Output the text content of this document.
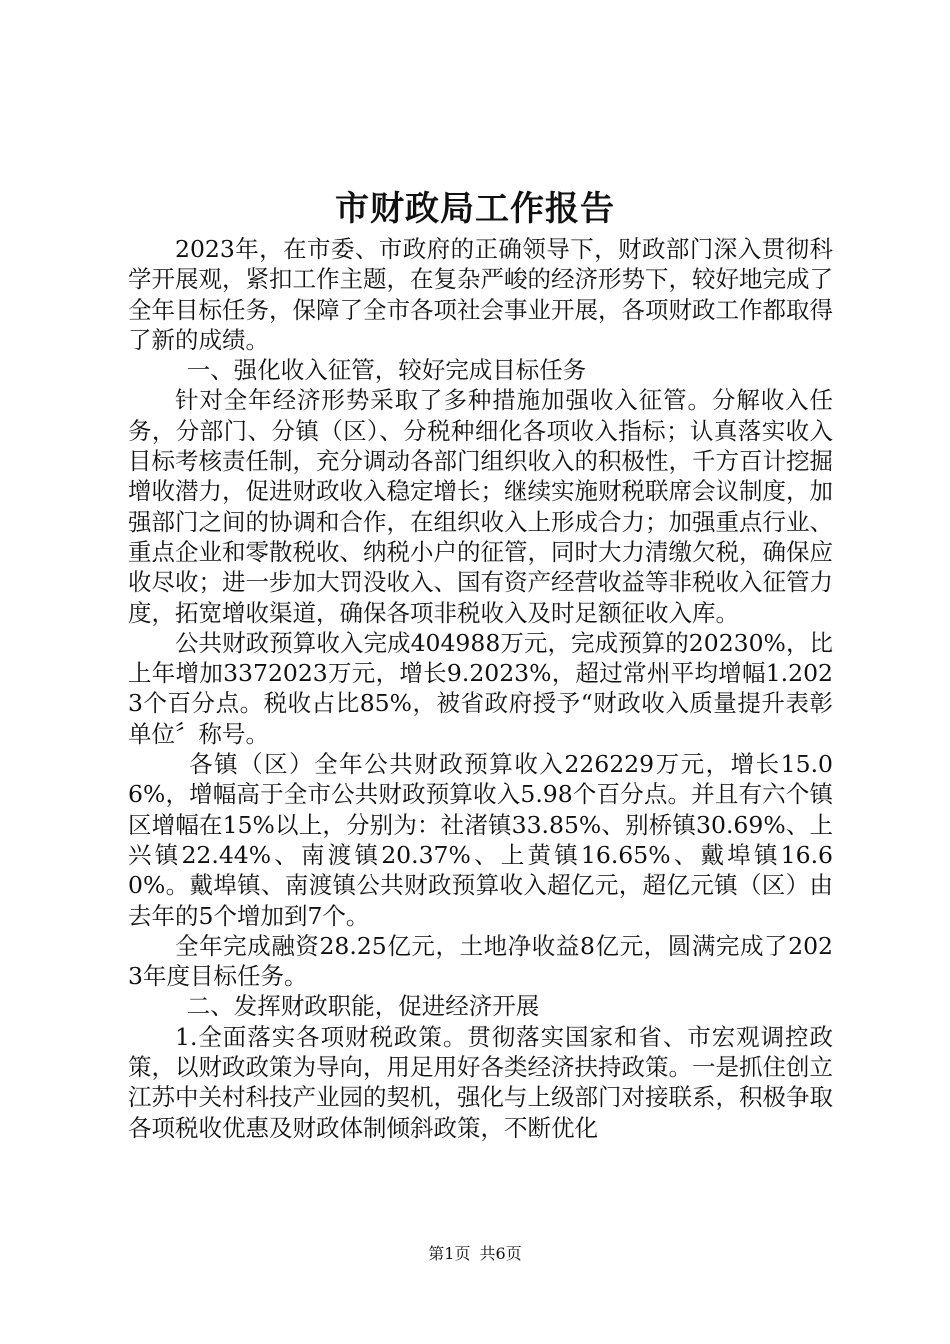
市财政局工作报告

2023年，在市委、市政府的正确领导下，财政部门深入贯彻科学开展观，紧扣工作主题，在复杂严峻的经济形势下，较好地完成了全年目标任务，保障了全市各项社会事业开展，各项财政工作都取得了新的成绩。

一、强化收入征管，较好完成目标任务

针对全年经济形势采取了多种措施加强收入征管。分解收入任务，分部门、分镇（区）、分税种细化各项收入指标；认真落实收入目标考核责任制，充分调动各部门组织收入的积极性，千方百计挖掘增收潜力，促进财政收入稳定增长；继续实施财税联席会议制度，加强部门之间的协调和合作，在组织收入上形成合力；加强重点行业、重点企业和零散税收、纳税小户的征管，同时大力清缴欠税，确保应收尽收；进一步加大罚没收入、国有资产经营收益等非税收入征管力度，拓宽增收渠道，确保各项非税收入及时足额征收入库。

公共财政预算收入完成404988万元，完成预算的20230%，比上年增加3372023万元，增长9.2023%，超过常州平均增幅1.2023个百分点。税收占比85%，被省政府授予“财政收入质量提升表彰单位〞称号。

各镇（区）全年公共财政预算收入226229万元，增长15.06%，增幅高于全市公共财政预算收入5.98个百分点。并且有六个镇区增幅在15%以上，分别为：社渚镇33.85%、别桥镇30.69%、上兴镇22.44%、南渡镇20.37%、上黄镇16.65%、戴埠镇16.60%。戴埠镇、南渡镇公共财政预算收入超亿元，超亿元镇（区）由去年的5个增加到7个。

全年完成融资28.25亿元，土地净收益8亿元，圆满完成了2023年度目标任务。

二、发挥财政职能，促进经济开展

1.全面落实各项财税政策。贯彻落实国家和省、市宏观调控政策，以财政政策为导向，用足用好各类经济扶持政策。一是抓住创立江苏中关村科技产业园的契机，强化与上级部门对接联系，积极争取各项税收优惠及财政体制倾斜政策，不断优化

第1页 共6页
